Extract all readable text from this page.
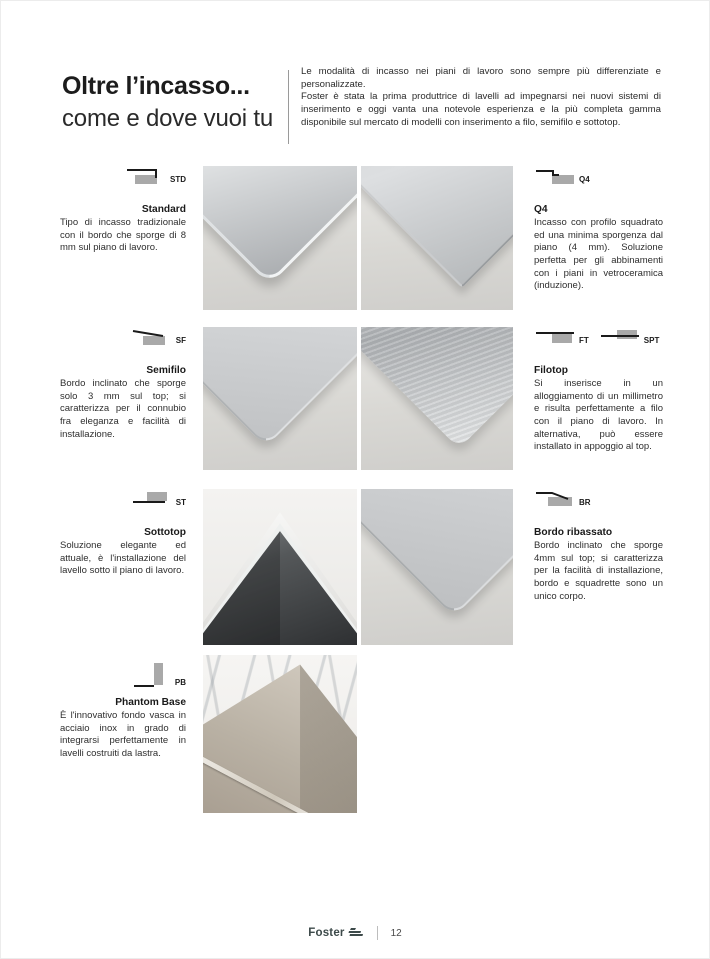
Oltre l’incasso...
come e dove vuoi tu

Le modalità di incasso nei piani di lavoro sono sempre più differenziate e personalizzate.

Foster è stata la prima produttrice di lavelli ad impegnarsi nei nuovi sistemi di inserimento e oggi vanta una notevole esperienza e la più completa gamma disponibile sul mercato di modelli con inserimento a filo, semifilo e sottotop.

STD
Standard

Tipo di incasso tradizionale con il bordo che sporge di 8 mm sul piano di lavoro.

Q4
Q4

Incasso con profilo squadrato ed una minima sporgenza dal piano (4 mm). Soluzione perfetta per gli abbinamenti con i piani in vetroceramica (induzione).

SF
Semifilo

Bordo inclinato che sporge solo 3 mm sul top; si caratterizza per il connubio fra eleganza e facilità di installazione.

FT	SPT
Filotop

Si inserisce in un alloggiamento di un millimetro e risulta perfettamente a filo con il piano di lavoro. In alternativa, può essere installato in appoggio al top.

ST
Sottotop

Soluzione elegante ed attuale, è l'installazione del lavello sotto il piano di lavoro.

BR
Bordo ribassato

Bordo inclinato che sporge 4mm sul top; si caratterizza per la facilità di installazione, bordo e squadrette sono un unico corpo.

PB
Phantom Base

È l'innovativo fondo vasca in acciaio inox in grado di integrarsi perfettamente in lavelli costruiti da lastra.

Foster	12
